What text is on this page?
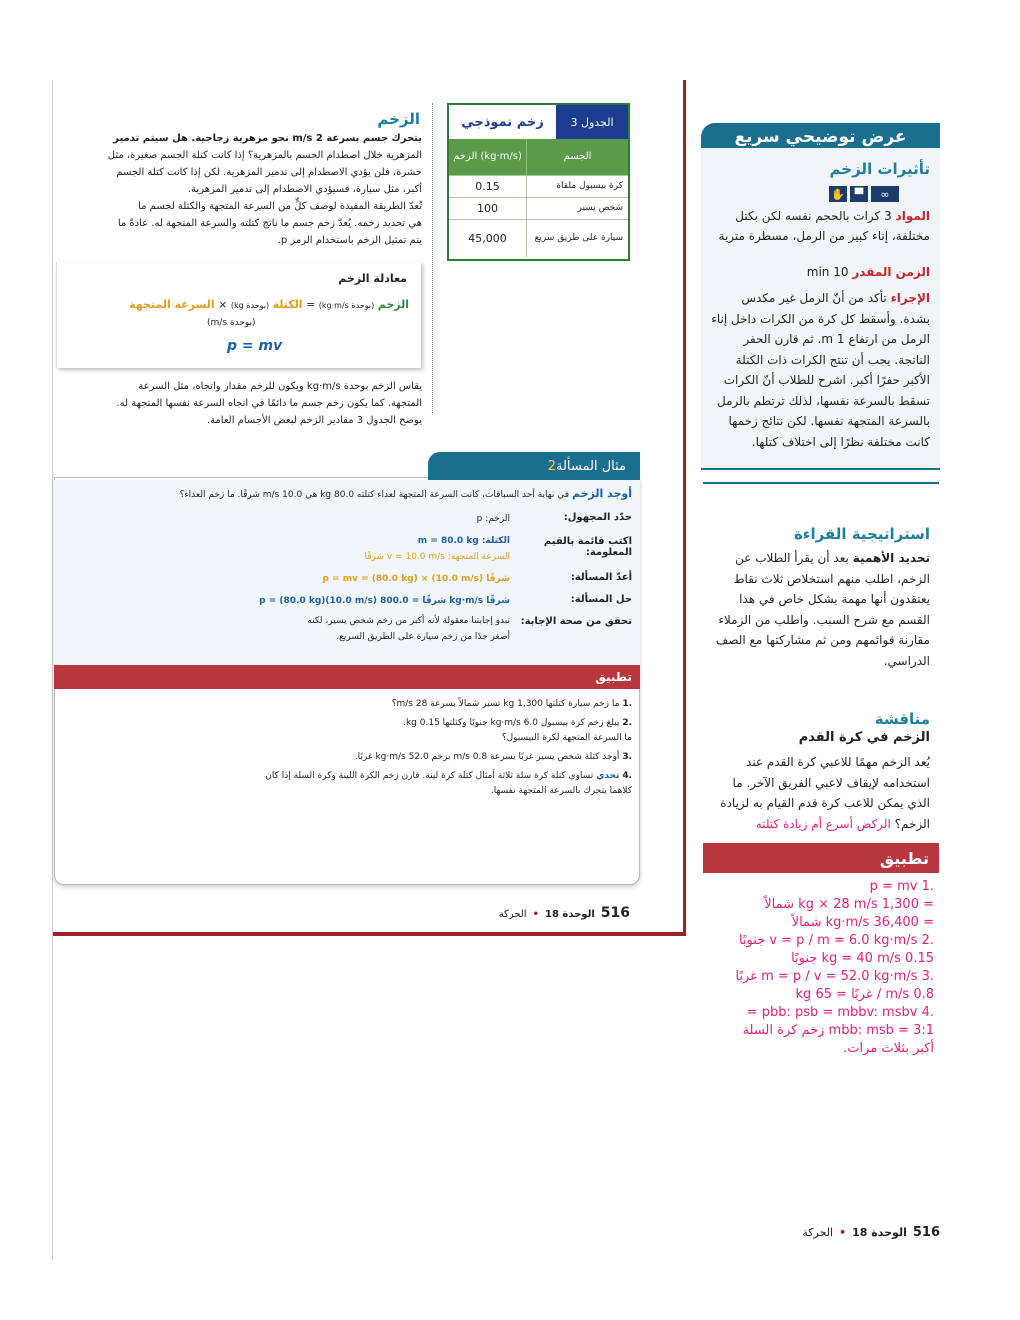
الزخم
يتحرك جسم بسرعة 2 m/s نحو مزهرية زجاجية. هل سيتم تدمير
المزهرية خلال اصطدام الجسم بالمزهرية؟ إذا كانت كتلة الجسم صغيرة، مثل
حشرة، فلن يؤدي الاصطدام إلى تدمير المزهرية. لكن إذا كانت كتلة الجسم
أكبر، مثل سيارة، فسيؤدي الاصطدام إلى تدمير المزهرية.
تُعدّ الطريقة المفيدة لوصف كلٍّ من السرعة المتجهة والكتلة لجسم ما
هي تحديد زخمه. يُعدّ زخم جسم ما ناتج كتلته والسرعة المتجهة له. عادةً ما
يتم تمثيل الزخم باستخدام الرمز p.
زخم نموذجي	الجدول 3
الزخم (kg·m/s)	الجسم
0.15	كرة بيسبول ملقاة
100	شخص يسير
45,000	سيارة على طريق سريع
معادلة الزخم
الزخم (بوحدة kg·m/s) = الكتلة (بوحدة kg) × السرعة المتجهة
(بوحدة m/s)
p = mv
يقاس الزخم بوحدة kg·m/s ويكون للزخم مقدار واتجاه، مثل السرعة
المتجهة. كما يكون زخم جسم ما دائمًا في اتجاه السرعة نفسها المتجهة له.
يوضح الجدول 3 مقادير الزخم لبعض الأجسام العامة.
2 مثال المسألة
أوجد الزخم في نهاية أحد السباقات، كانت السرعة المتجهة لعداء كتلته 80.0 kg هي 10.0 m/s شرقًا. ما زخم العداء؟
حدّد المجهول:
الزخم: p
اكتب قائمة بالقيم المعلومة:
الكتلة: m = 80.0 kg
السرعة المتجهة: v = 10.0 m/s شرقًا
أعدّ المسألة:
p = mv = (80.0 kg) × (10.0 m/s) شرقًا
حل المسألة:
p = (80.0 kg)(10.0 m/s) شرقًا = 800.0 kg·m/s شرقًا
تحقق من صحة الإجابة:
تبدو إجابتنا معقولة لأنه أكبر من زخم شخص يسير، لكنه
أصغر جدًا من زخم سيارة على الطريق السريع.
تطبيق
.1 ما زخم سيارة كتلتها 1,300 kg تسير شمالاً بسرعة 28 m/s؟
.2 يبلغ زخم كرة بيسبول 6.0 kg·m/s جنوبًا وكتلتها 0.15 kg.
ما السرعة المتجهة لكرة البيسبول؟
.3 أوجد كتلة شخص يسير غربًا بسرعة 0.8 m/s بزخم 52.0 kg·m/s غربًا.
.4 تحدي تساوي كتلة كرة سلة ثلاثة أمثال كتلة كرة لينة. قارن زخم الكرة اللينة وكرة السلة إذا كان
كلاهما يتحرك بالسرعة المتجهة نفسها.
516
الوحدة 18
•
الحركة
عرض توضيحي سريع
تأثيرات الزخم
✋ ▀	∞
المواد 3 كرات بالحجم نفسه لكن بكتل مختلفة، إناء كبير من الرمل، مسطرة مترية
الزمن المقدر 10 min
الإجراء تأكد من أنّ الرمل غير مكدس بشدة. وأسقط كل كرة من الكرات داخل إناء الرمل من ارتفاع 1 m. ثم قارن الحفر الناتجة. يجب أن تنتج الكرات ذات الكتلة الأكبر حفرًا أكبر. اشرح للطلاب أنّ الكرات تسقط بالسرعة نفسها، لذلك ترتطم بالرمل بالسرعة المتجهة نفسها. لكن نتائج زخمها كانت مختلفة نظرًا إلى اختلاف كتلها.
استراتيجية القراءة
تحديد الأهمية بعد أن يقرأ الطلاب عن الزخم، اطلب منهم استخلاص ثلاث نقاط يعتقدون أنها مهمة بشكل خاص في هذا القسم مع شرح السبب. واطلب من الزملاء مقارنة قوائمهم ومن ثم مشاركتها مع الصف الدراسي.
مناقشة
الزخم في كرة القدم
يُعد الزخم مهمًا للاعبي كرة القدم عند استخدامه لإيقاف لاعبي الفريق الآخر. ما الذي يمكن للاعب كرة قدم القيام به لزيادة الزخم؟ الركض أسرع أم زيادة كتلته
تطبيق
.1 p = mv
= 1,300 kg × 28 m/s شمالاً
= 36,400 kg·m/s شمالاً
.2 v = p / m = 6.0 kg·m/s جنوبًا
0.15 kg = 40 m/s جنوبًا
.3 m = p / v = 52.0 kg·m/s غربًا
0.8 m/s / غربًا = 65 kg
.4 pbb: psb = mbbv: msbv =
mbb: msb = 3:1 زخم كرة السلة
أكبر بثلاث مرات.
516
الوحدة 18
•
الحركة
